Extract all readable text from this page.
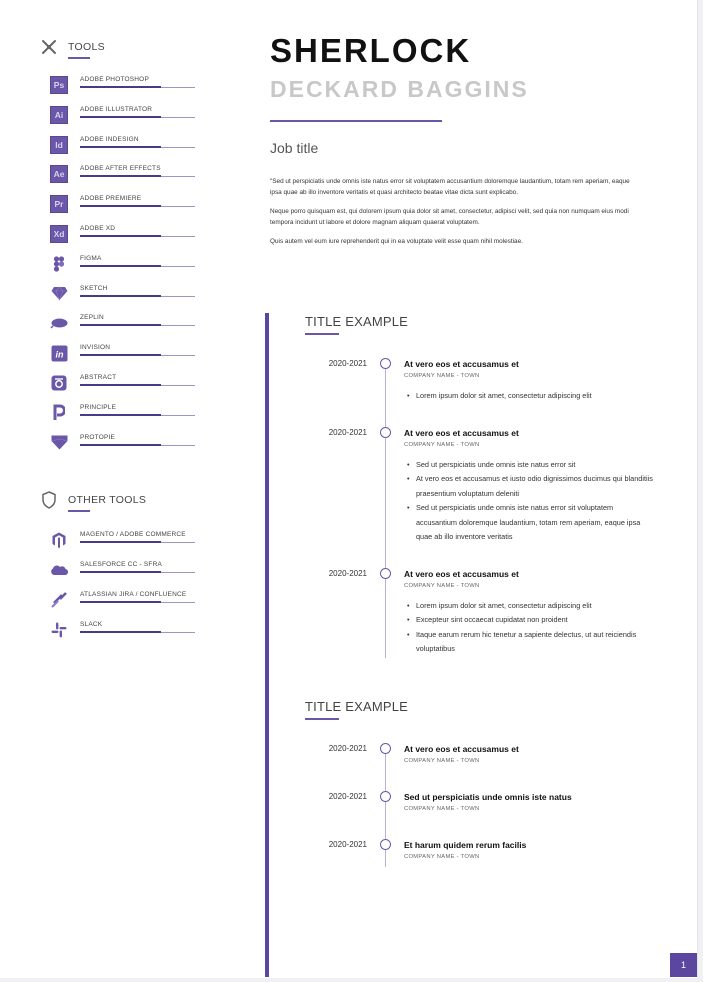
TOOLS
Ps
ADOBE PHOTOSHOP
Ai
ADOBE ILLUSTRATOR
Id
ADOBE INDESIGN
Ae
ADOBE AFTER EFFECTS
Pr
ADOBE PREMIERE
Xd
ADOBE XD
FIGMA
SKETCH
ZEPLIN
in
INVISION
ABSTRACT
PRINCIPLE
PROTOPIE
OTHER TOOLS
MAGENTO / ADOBE COMMERCE
SALESFORCE CC - SFRA
ATLASSIAN JIRA / CONFLUENCE
SLACK
SHERLOCK
DECKARD BAGGINS
Job title

"Sed ut perspiciatis unde omnis iste natus error sit voluptatem accusantium doloremque laudantium, totam rem aperiam, eaque ipsa quae ab illo inventore veritatis et quasi architecto beatae vitae dicta sunt explicabo.

Neque porro quisquam est, qui dolorem ipsum quia dolor sit amet, consectetur, adipisci velit, sed quia non numquam eius modi tempora incidunt ut labore et dolore magnam aliquam quaerat voluptatem.

Quis autem vel eum iure reprehenderit qui in ea voluptate velit esse quam nihil molestiae.

TITLE EXAMPLE
2020-2021	At vero eos et accusamus et
COMPANY NAME - TOWN
• Lorem ipsum dolor sit amet, consectetur adipiscing elit
2020-2021	At vero eos et accusamus et
COMPANY NAME - TOWN
• Sed ut perspiciatis unde omnis iste natus error sit
• At vero eos et accusamus et iusto odio dignissimos ducimus qui blanditiis praesentium voluptatum deleniti
• Sed ut perspiciatis unde omnis iste natus error sit voluptatem accusantium doloremque laudantium, totam rem aperiam, eaque ipsa quae ab illo inventore veritatis
2020-2021	At vero eos et accusamus et
COMPANY NAME - TOWN
• Lorem ipsum dolor sit amet, consectetur adipiscing elit
• Excepteur sint occaecat cupidatat non proident
• Itaque earum rerum hic tenetur a sapiente delectus, ut aut reiciendis voluptatibus
TITLE EXAMPLE
2020-2021	At vero eos et accusamus et
COMPANY NAME - TOWN
2020-2021	Sed ut perspiciatis unde omnis iste natus
COMPANY NAME - TOWN
2020-2021	Et harum quidem rerum facilis
COMPANY NAME - TOWN
1
